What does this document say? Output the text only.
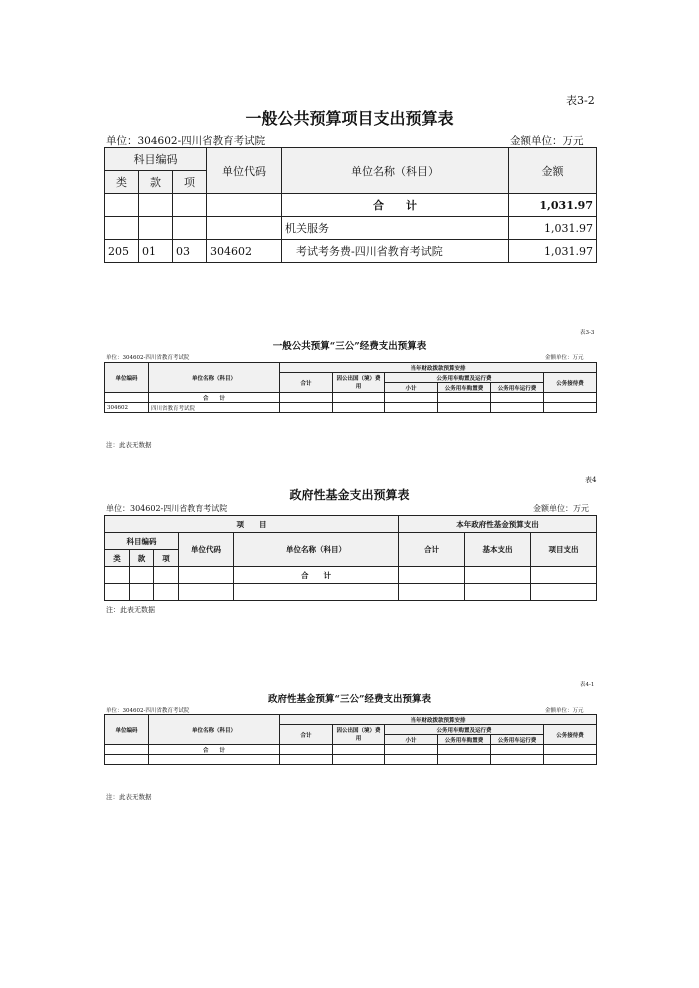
表3-2
一般公共预算项目支出预算表
单位：304602-四川省教育考试院	金额单位：万元
科目编码			单位代码	单位名称（科目）	金额
类	款	项			
				合　　计	1,031.97
				机关服务	1,031.97
205	01	03	304602	　考试考务费-四川省教育考试院	1,031.97
表3-3
一般公共预算“三公”经费支出预算表
单位：304602-四川省教育考试院	金额单位：万元
单位编码	单位名称（科目）	当年财政拨款预算安排					
		合计	因公出国（境）费用	公务用车购置及运行费			公务接待费
				小计	公务用车购置费	公务用车运行费	
	合　　计						
304602	四川省教育考试院						
注：此表无数据
表4
政府性基金支出预算表
单位：304602-四川省教育考试院	金额单位：万元
项　　目					本年政府性基金预算支出		
科目编码			单位代码	单位名称（科目）	合计	基本支出	项目支出
类	款	项					
				合　　计			

注：此表无数据
表4-1
政府性基金预算“三公”经费支出预算表
单位：304602-四川省教育考试院	金额单位：万元
单位编码	单位名称（科目）	当年财政拨款预算安排					
		合计	因公出国（境）费用	公务用车购置及运行费			公务接待费
				小计	公务用车购置费	公务用车运行费	
	合　　计						

注：此表无数据
